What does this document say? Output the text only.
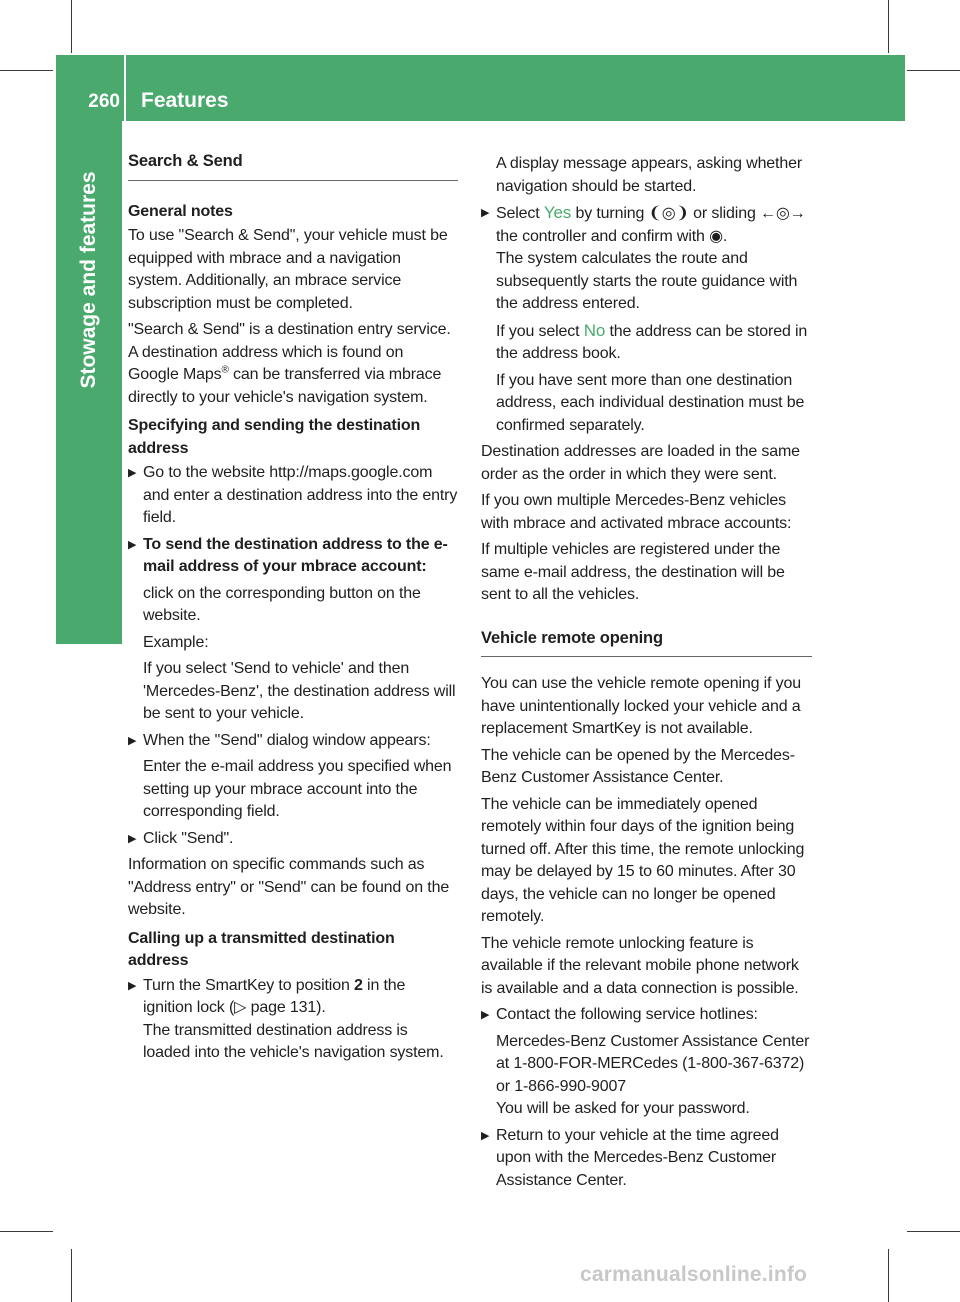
260 Features
Stowage and features
Search & Send
General notes

To use "Search & Send", your vehicle must be equipped with mbrace and a navigation system. Additionally, an mbrace service subscription must be completed.

"Search & Send" is a destination entry service. A destination address which is found on Google Maps® can be transferred via mbrace directly to your vehicle's navigation system.

Specifying and sending the destination address
▶ Go to the website http://maps.google.com and enter a destination address into the entry field.
▶ To send the destination address to the e-mail address of your mbrace account:

click on the corresponding button on the website.

Example:

If you select 'Send to vehicle' and then 'Mercedes-Benz', the destination address will be sent to your vehicle.

▶ When the "Send" dialog window appears:

Enter the e-mail address you specified when setting up your mbrace account into the corresponding field.

▶ Click "Send".

Information on specific commands such as "Address entry" or "Send" can be found on the website.

Calling up a transmitted destination address
▶ Turn the SmartKey to position 2 in the ignition lock (▷ page 131).

The transmitted destination address is loaded into the vehicle's navigation system.

A display message appears, asking whether navigation should be started.

▶ Select Yes by turning ❨◎❩ or sliding ←◎→ the controller and confirm with ◉.

The system calculates the route and subsequently starts the route guidance with the address entered.

If you select No the address can be stored in the address book.

If you have sent more than one destination address, each individual destination must be confirmed separately.

Destination addresses are loaded in the same order as the order in which they were sent.

If you own multiple Mercedes-Benz vehicles with mbrace and activated mbrace accounts:

If multiple vehicles are registered under the same e-mail address, the destination will be sent to all the vehicles.

Vehicle remote opening

You can use the vehicle remote opening if you have unintentionally locked your vehicle and a replacement SmartKey is not available.

The vehicle can be opened by the Mercedes-Benz Customer Assistance Center.

The vehicle can be immediately opened remotely within four days of the ignition being turned off. After this time, the remote unlocking may be delayed by 15 to 60 minutes. After 30 days, the vehicle can no longer be opened remotely.

The vehicle remote unlocking feature is available if the relevant mobile phone network is available and a data connection is possible.

▶ Contact the following service hotlines:

Mercedes-Benz Customer Assistance Center at 1-800-FOR-MERCedes (1-800-367-6372) or 1-866-990-9007

You will be asked for your password.

▶ Return to your vehicle at the time agreed upon with the Mercedes-Benz Customer Assistance Center.
carmanualsonline.info
